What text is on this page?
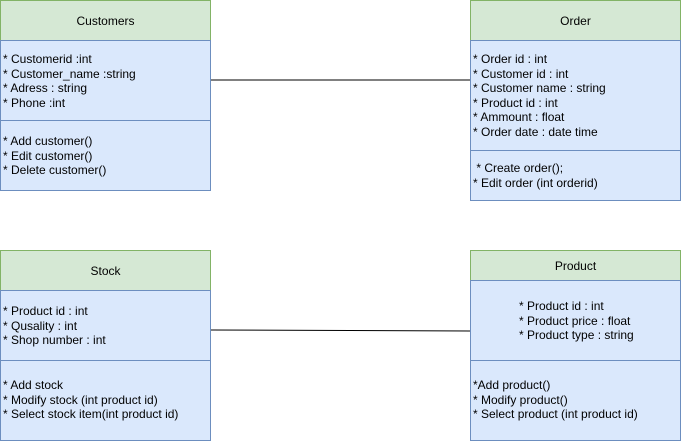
Customers
* Customerid :int
* Customer_name :string
* Adress : string
* Phone :int
* Add customer()
* Edit customer()
* Delete customer()
Order
* Order id : int
* Customer id : int
* Customer name : string
* Product id : int
* Ammount : float
* Order date : date time
* Create order();
* Edit order (int orderid)
Stock
* Product id : int
* Qusality : int
* Shop number : int
* Add stock
* Modify stock (int product id)
* Select stock item(int product id)
Product
* Product id : int
* Product price : float
* Product type : string
*Add product()
* Modify product()
* Select product (int product id)
